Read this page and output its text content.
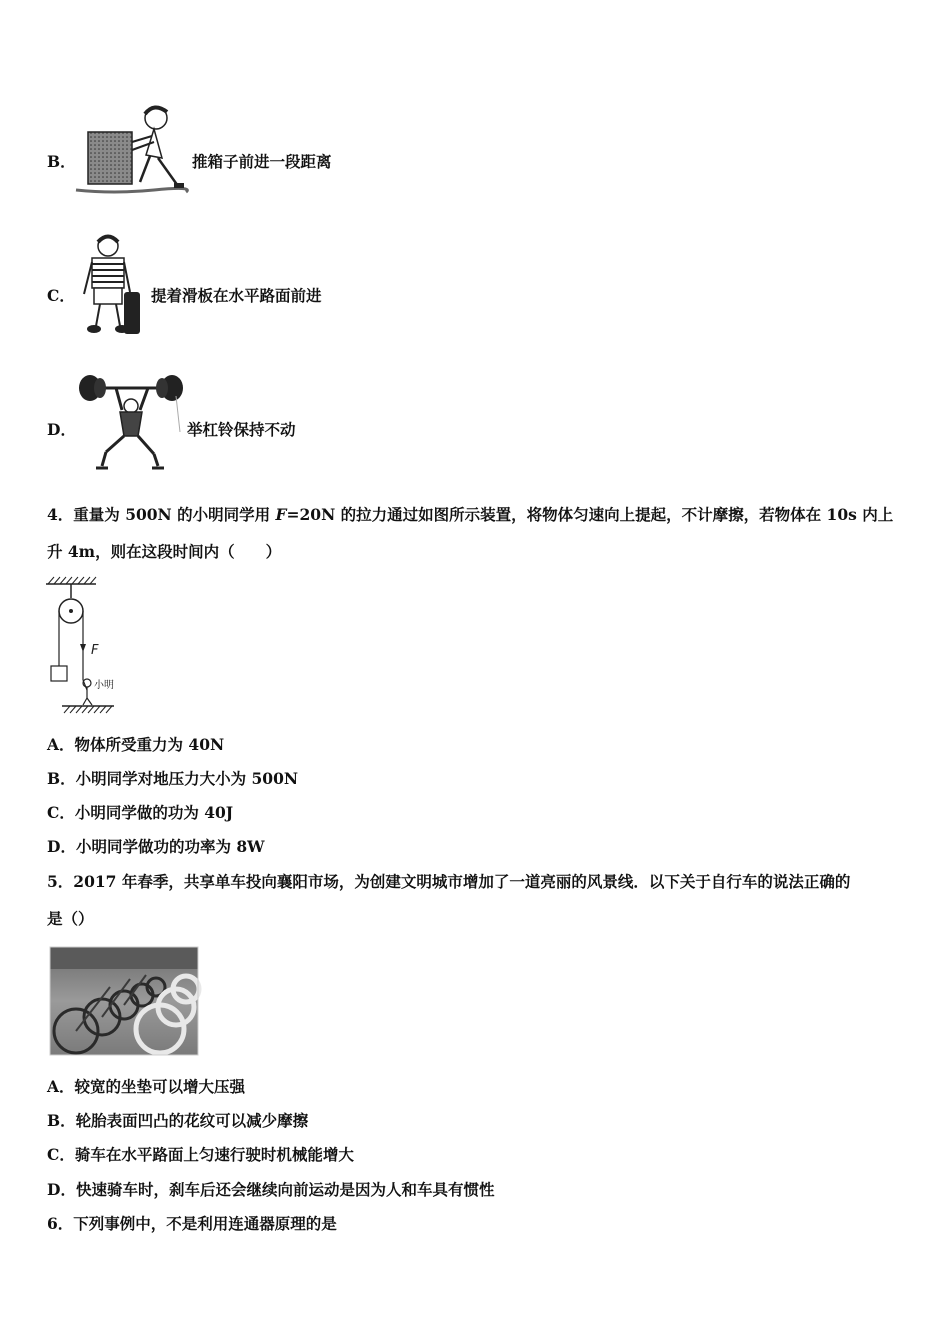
B．	推箱子前进一段距离
C．	提着滑板在水平路面前进
D．	举杠铃保持不动
4．重量为 500N 的小明同学用 F=20N 的拉力通过如图所示装置，将物体匀速向上提起，不计摩擦，若物体在 10s 内上
升 4m，则在这段时间内（　　）
F
小明
A．物体所受重力为 40N
B．小明同学对地压力大小为 500N
C．小明同学做的功为 40J
D．小明同学做功的功率为 8W
5．2017 年春季，共享单车投向襄阳市场，为创建文明城市增加了一道亮丽的风景线．以下关于自行车的说法正确的
是（）
A．较宽的坐垫可以增大压强
B．轮胎表面凹凸的花纹可以减少摩擦
C．骑车在水平路面上匀速行驶时机械能增大
D．快速骑车时，刹车后还会继续向前运动是因为人和车具有惯性
6．下列事例中，不是利用连通器原理的是
